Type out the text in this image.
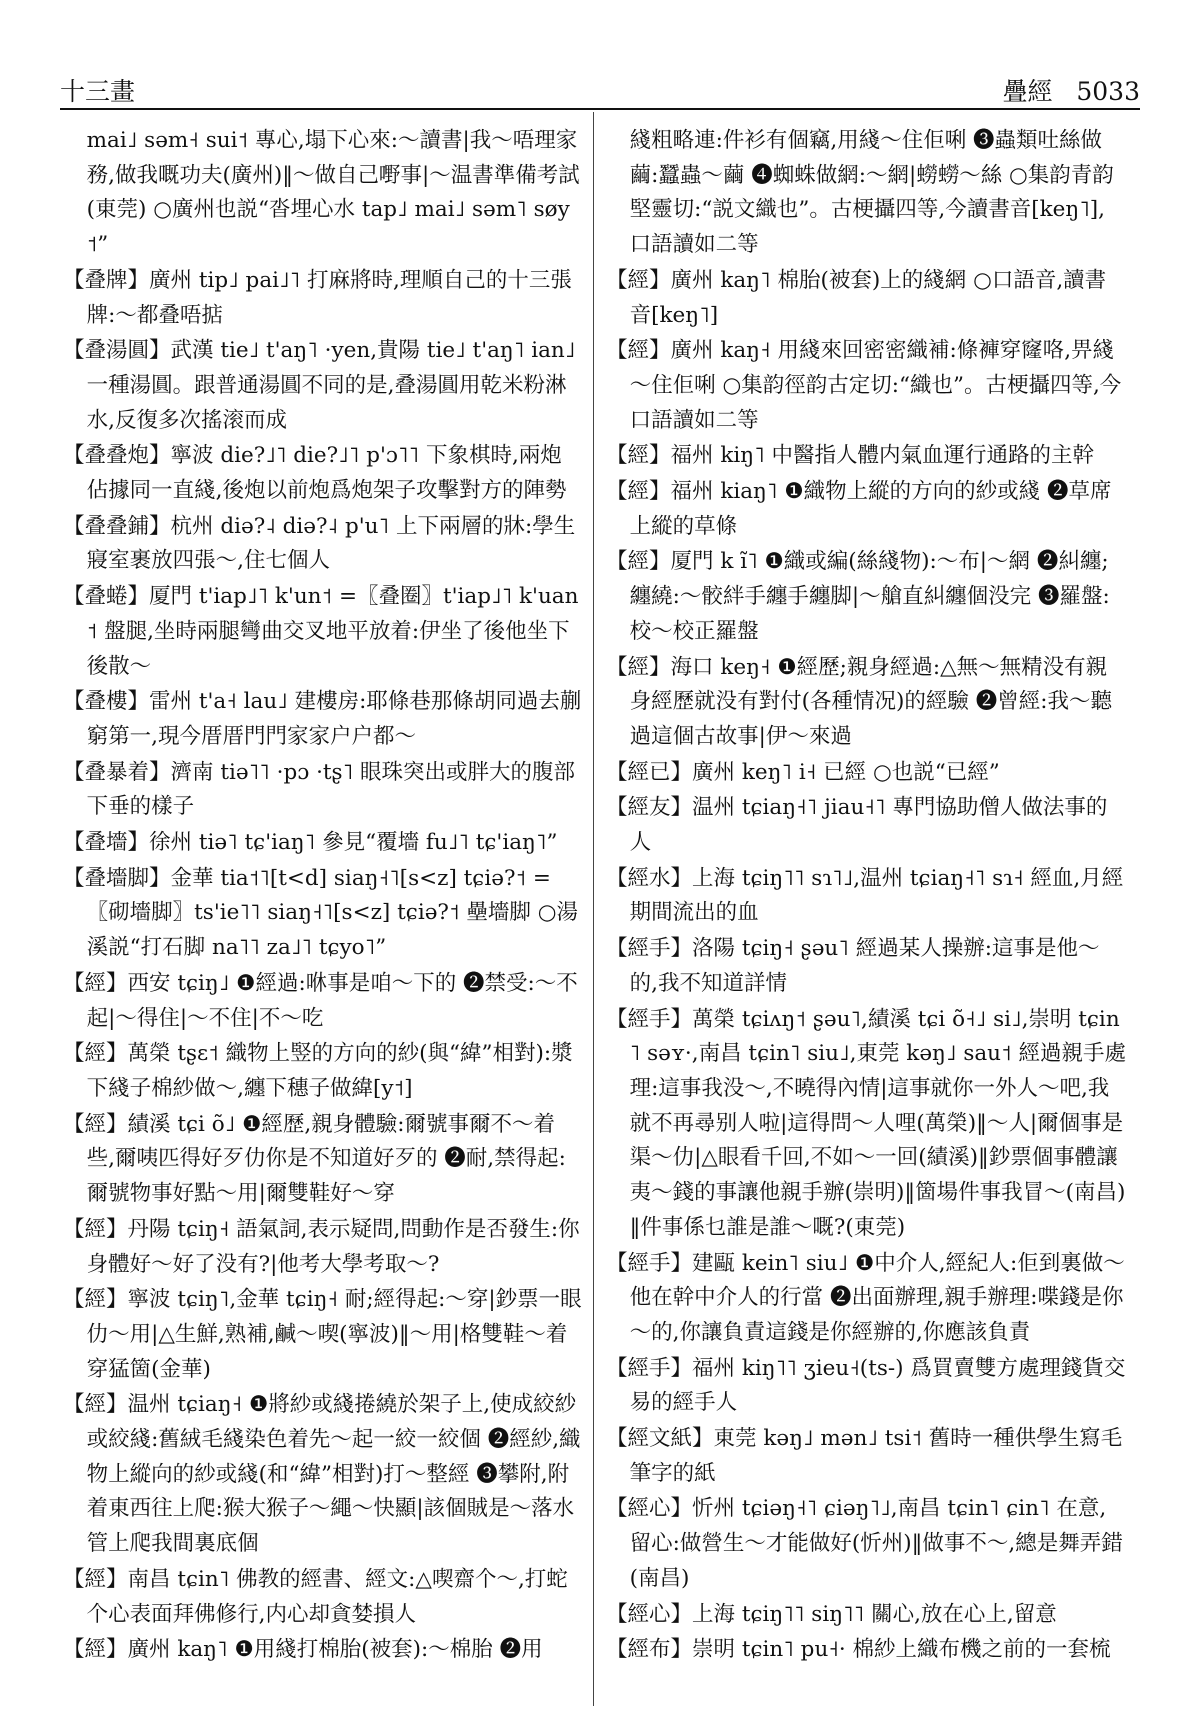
十三畫	疊經 5033

mai˩ səm˧ sui˦ 專心,塌下心來:～讀書|我～唔理家務,做我嘅功夫(廣州)‖～做自己嘢事|～温書準備考試(東莞) ○廣州也説“沓埋心水 tap˩ mai˩ səm˥ søy˦”

【叠牌】廣州 tip˩ pai˩˥ 打麻將時,理順自己的十三張牌:～都叠唔掂

【叠湯圓】武漢 tie˩ t'aŋ˥ ·yen,貴陽 tie˩ t'aŋ˥ ian˩ 一種湯圓。跟普通湯圓不同的是,叠湯圓用乾米粉淋水,反復多次搖滚而成

【叠叠炮】寧波 die?˩˥ die?˩˥ p'ɔ˥˥ 下象棋時,兩炮佔據同一直綫,後炮以前炮爲炮架子攻擊對方的陣勢

【叠叠鋪】杭州 diə?˨ diə?˨ p'u˥ 上下兩層的牀:學生寢室裹放四張～,住七個人

【叠蜷】厦門 t'iap˩˥ k'un˦ =〖叠圈〗t'iap˩˥ k'uan˦ 盤腿,坐時兩腿彎曲交叉地平放着:伊坐了後他坐下後散～

【叠樓】雷州 t'a˧ lau˩ 建樓房:耶條巷那條胡同過去蒯窮第一,現今厝厝門門家家户户都～

【叠暴着】濟南 tiə˥˥ ·pɔ ·tʂ˥ 眼珠突出或胖大的腹部下垂的樣子

【叠墻】徐州 tiə˥ tɕ'iaŋ˥ 參見“覆墻 fu˩˥ tɕ'iaŋ˥”

【叠墻脚】金華 tia˦˥[t<d] siaŋ˧˥[s<z] tɕiə?˦ = 〖砌墻脚〗ts'ie˥˥ siaŋ˧˥[s<z] tɕiə?˦ 壘墻脚 ○湯溪説“打石脚 na˥˥ za˩˥ tɕyo˥”

【經】西安 tɕiŋ˩ ❶經過:咻事是咱～下的 ❷禁受:～不起|～得住|～不住|不～吃

【經】萬榮 tʂɛ˦ 織物上竪的方向的紗(與“緯”相對):漿下綫子棉紗做～,纏下穗子做緯[y˦]

【經】績溪 tɕi õ˩ ❶經歷,親身體驗:爾號事爾不～着些,爾咦匹得好歹仂你是不知道好歹的 ❷耐,禁得起:爾號物事好點～用|爾雙鞋好～穿

【經】丹陽 tɕiŋ˧ 語氣詞,表示疑問,問動作是否發生:你身體好～好了没有?|他考大學考取～?

【經】寧波 tɕiŋ˥,金華 tɕiŋ˧ 耐;經得起:～穿|鈔票一眼仂～用|△生鮮,熟補,鹹～喫(寧波)‖～用|格雙鞋～着穿猛箇(金華)

【經】温州 tɕiaŋ˧ ❶將紗或綫捲繞於架子上,使成絞紗或絞綫:舊絨毛綫染色着先～起一絞一絞個 ❷經紗,織物上縱向的紗或綫(和“緯”相對)打～整經 ❸攀附,附着東西往上爬:猴大猴子～繩～快顯|該個賊是～落水管上爬我間裏底個

【經】南昌 tɕin˥ 佛教的經書、經文:△喫齋个～,打蛇个心表面拜佛修行,内心却貪婪損人

【經】廣州 kaŋ˥ ❶用綫打棉胎(被套):～棉胎 ❷用

綫粗略連:件衫有個竊,用綫～住佢唎 ❸蟲類吐絲做繭:蠶蟲～繭 ❹蜘蛛做網:～網|蟧蟧～絲 ○集韵青韵堅靈切:“説文織也”。古梗攝四等,今讀書音[keŋ˥],口語讀如二等

【經】廣州 kaŋ˥ 棉胎(被套)上的綫網 ○口語音,讀書音[keŋ˥]

【經】廣州 kaŋ˧ 用綫來回密密織補:條褲穿窿咯,畀綫～住佢唎 ○集韵徑韵古定切:“織也”。古梗攝四等,今口語讀如二等

【經】福州 kiŋ˥ 中醫指人體内氣血運行通路的主幹

【經】福州 kiaŋ˥ ❶織物上縱的方向的紗或綫 ❷草席上縱的草條

【經】厦門 k ĩ˥ ❶織或編(絲綫物):～布|～網 ❷糾纏;纏繞:～骹絆手纏手纏脚|～艙直糾纏個没完 ❸羅盤:校～校正羅盤

【經】海口 keŋ˧ ❶經歷;親身經過:△無～無精没有親身經歷就没有對付(各種情况)的經驗 ❷曾經:我～聽過這個古故事|伊～來過

【經已】廣州 keŋ˥ i˧ 已經 ○也説“已經”

【經友】温州 tɕiaŋ˧˥ jiau˧˥ 專門協助僧人做法事的人

【經水】上海 tɕiŋ˥˥ sɿ˥˩,温州 tɕiaŋ˧˥ sɿ˧ 經血,月經期間流出的血

【經手】洛陽 tɕiŋ˧ ʂəu˥ 經過某人操辦:這事是他～的,我不知道詳情

【經手】萬榮 tɕiʌŋ˦ ʂəu˥,績溪 tɕi õ˧˩ si˩,崇明 tɕin˥ səʏ·,南昌 tɕin˥ siu˩,東莞 kəŋ˩ sau˦ 經過親手處理:這事我没～,不曉得內情|這事就你一外人～吧,我就不再尋别人啦|這得問～人哩(萬榮)‖～人|爾個事是渠～仂|△眼看千回,不如～一回(績溪)‖鈔票個事體讓夷～錢的事讓他親手辦(崇明)‖箇場件事我冒～(南昌)‖件事係乜誰是誰～嘅?(東莞)

【經手】建甌 kein˥ siu˩ ❶中介人,經紀人:佢到裏做～他在幹中介人的行當 ❷出面辦理,親手辦理:喋錢是你～的,你讓負責這錢是你經辦的,你應該負責

【經手】福州 kiŋ˥˥ ʒieu˧(ts-) 爲買賣雙方處理錢貨交易的經手人

【經文紙】東莞 kəŋ˩ mən˩ tsi˦ 舊時一種供學生寫毛筆字的紙

【經心】忻州 tɕiəŋ˧˥ ɕiəŋ˥˩,南昌 tɕin˥ ɕin˥ 在意,留心:做營生～才能做好(忻州)‖做事不～,總是舞弄錯(南昌)

【經心】上海 tɕiŋ˥˥ siŋ˥˥ 關心,放在心上,留意

【經布】崇明 tɕin˥ pu˧· 棉紗上織布機之前的一套梳
